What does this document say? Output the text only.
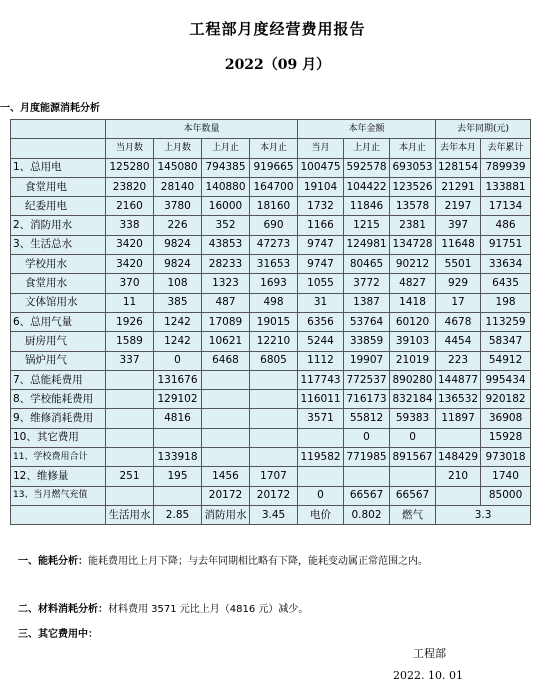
工程部月度经营费用报告
2022（09 月）
一、月度能源消耗分析
	本年数量				本年金额			去年同期(元)	
	当月数	上月数	上月止	本月止	当月	上月止	本月止	去年本月	去年累计
1、总用电	125280	145080	794385	919665	100475	592578	693053	128154	789939
食堂用电	23820	28140	140880	164700	19104	104422	123526	21291	133881
纪委用电	2160	3780	16000	18160	1732	11846	13578	2197	17134
2、消防用水	338	226	352	690	1166	1215	2381	397	486
3、生活总水	3420	9824	43853	47273	9747	124981	134728	11648	91751
学校用水	3420	9824	28233	31653	9747	80465	90212	5501	33634
食堂用水	370	108	1323	1693	1055	3772	4827	929	6435
文体馆用水	11	385	487	498	31	1387	1418	17	198
6、总用气量	1926	1242	17089	19015	6356	53764	60120	4678	113259
厨房用气	1589	1242	10621	12210	5244	33859	39103	4454	58347
锅炉用气	337	0	6468	6805	1112	19907	21019	223	54912
7、总能耗费用		131676			117743	772537	890280	144877	995434
8、学校能耗费用		129102			116011	716173	832184	136532	920182
9、维修消耗费用		4816			3571	55812	59383	11897	36908
10、其它费用						0	0		15928
11、学校费用合计		133918			119582	771985	891567	148429	973018
12、维修量	251	195	1456	1707				210	1740
13、当月燃气充值			20172	20172	0	66567	66567		85000
	生活用水	2.85	消防用水	3.45	电价	0.802	燃气	3.3	
一、能耗分析：能耗费用比上月下降；与去年同期相比略有下降，能耗变动属正常范围之内。
二、材料消耗分析：材料费用 3571 元比上月（4816 元）减少。
三、其它费用中：
工程部
2022. 10. 01
